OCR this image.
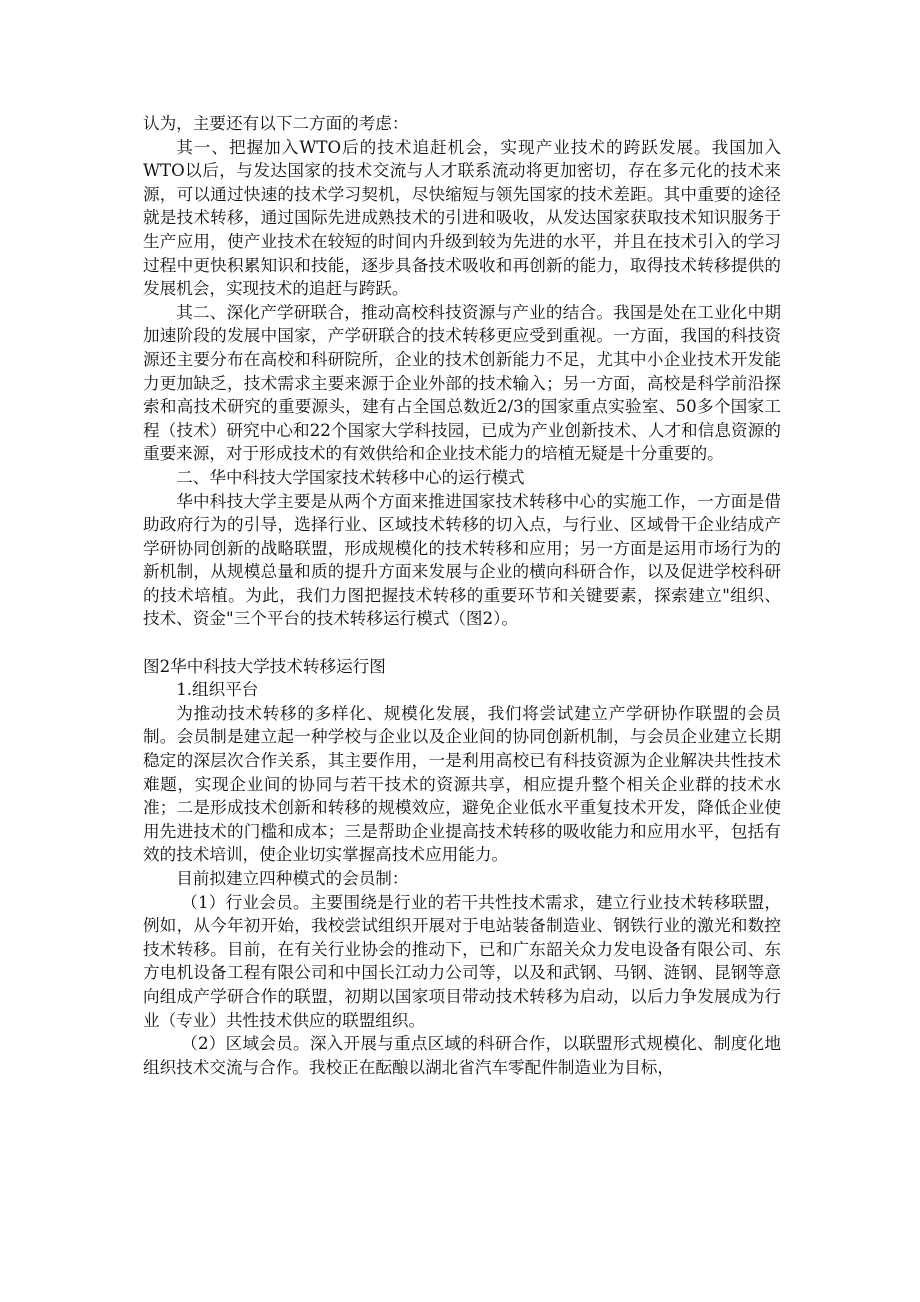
认为，主要还有以下二方面的考虑：

其一、把握加入WTO后的技术追赶机会，实现产业技术的跨跃发展。我国加入WTO以后，与发达国家的技术交流与人才联系流动将更加密切，存在多元化的技术来源，可以通过快速的技术学习契机，尽快缩短与领先国家的技术差距。其中重要的途径就是技术转移，通过国际先进成熟技术的引进和吸收，从发达国家获取技术知识服务于生产应用，使产业技术在较短的时间内升级到较为先进的水平，并且在技术引入的学习过程中更快积累知识和技能，逐步具备技术吸收和再创新的能力，取得技术转移提供的发展机会，实现技术的追赶与跨跃。

其二、深化产学研联合，推动高校科技资源与产业的结合。我国是处在工业化中期加速阶段的发展中国家，产学研联合的技术转移更应受到重视。一方面，我国的科技资源还主要分布在高校和科研院所，企业的技术创新能力不足，尤其中小企业技术开发能力更加缺乏，技术需求主要来源于企业外部的技术输入；另一方面，高校是科学前沿探索和高技术研究的重要源头，建有占全国总数近2/3的国家重点实验室、50多个国家工程（技术）研究中心和22个国家大学科技园，已成为产业创新技术、人才和信息资源的重要来源，对于形成技术的有效供给和企业技术能力的培植无疑是十分重要的。

二、华中科技大学国家技术转移中心的运行模式

华中科技大学主要是从两个方面来推进国家技术转移中心的实施工作，一方面是借助政府行为的引导，选择行业、区域技术转移的切入点，与行业、区域骨干企业结成产学研协同创新的战略联盟，形成规模化的技术转移和应用；另一方面是运用市场行为的新机制，从规模总量和质的提升方面来发展与企业的横向科研合作，以及促进学校科研的技术培植。为此，我们力图把握技术转移的重要环节和关键要素，探索建立"组织、技术、资金"三个平台的技术转移运行模式（图2）。

图2华中科技大学技术转移运行图

1.组织平台

为推动技术转移的多样化、规模化发展，我们将尝试建立产学研协作联盟的会员制。会员制是建立起一种学校与企业以及企业间的协同创新机制，与会员企业建立长期稳定的深层次合作关系，其主要作用，一是利用高校已有科技资源为企业解决共性技术难题，实现企业间的协同与若干技术的资源共享，相应提升整个相关企业群的技术水准；二是形成技术创新和转移的规模效应，避免企业低水平重复技术开发，降低企业使用先进技术的门槛和成本；三是帮助企业提高技术转移的吸收能力和应用水平，包括有效的技术培训，使企业切实掌握高技术应用能力。

目前拟建立四种模式的会员制：

（1）行业会员。主要围绕是行业的若干共性技术需求，建立行业技术转移联盟，例如，从今年初开始，我校尝试组织开展对于电站装备制造业、钢铁行业的激光和数控技术转移。目前，在有关行业协会的推动下，已和广东韶关众力发电设备有限公司、东方电机设备工程有限公司和中国长江动力公司等，以及和武钢、马钢、涟钢、昆钢等意向组成产学研合作的联盟，初期以国家项目带动技术转移为启动，以后力争发展成为行业（专业）共性技术供应的联盟组织。

（2）区域会员。深入开展与重点区域的科研合作，以联盟形式规模化、制度化地组织技术交流与合作。我校正在酝酿以湖北省汽车零配件制造业为目标，
